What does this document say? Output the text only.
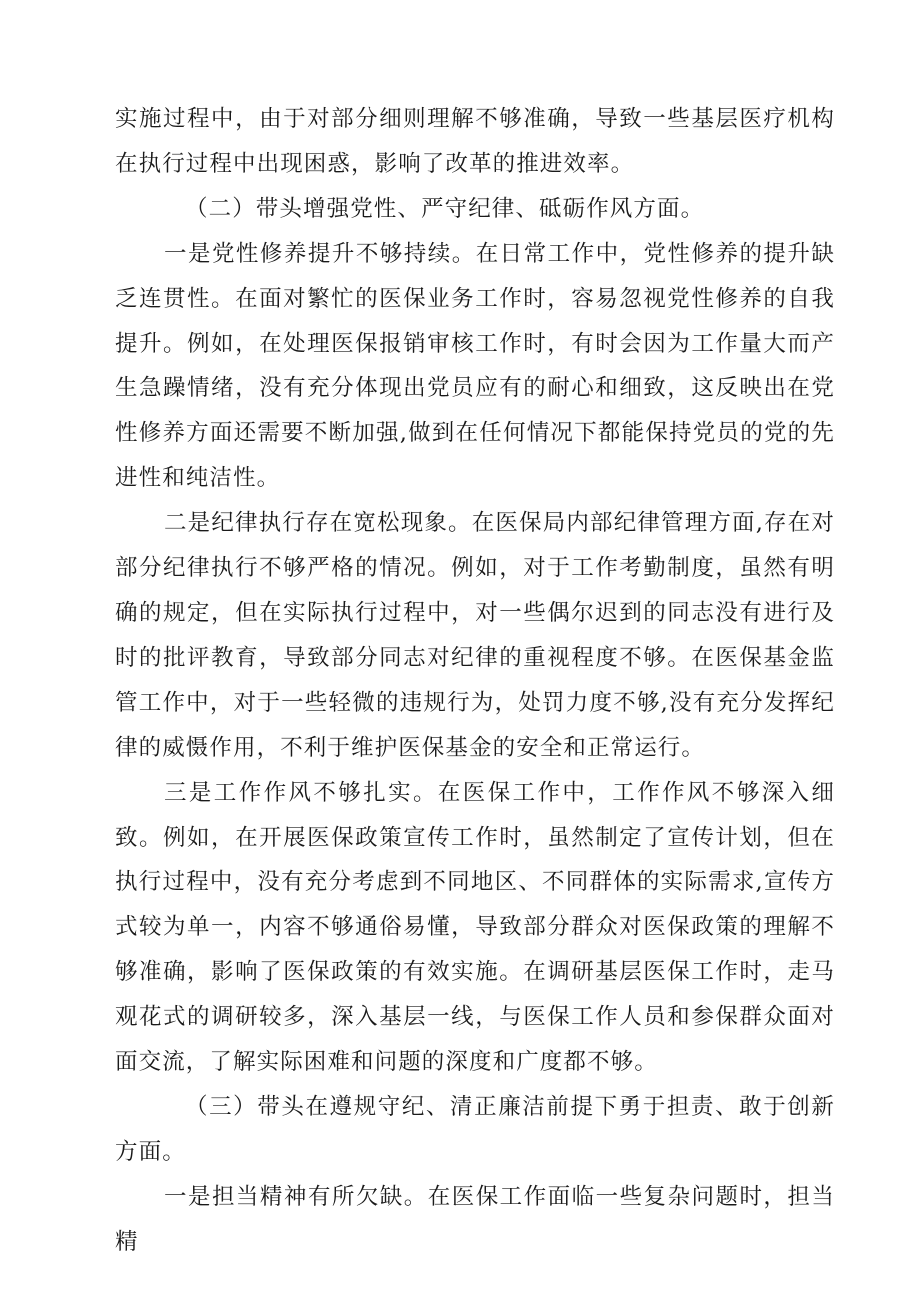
实施过程中，由于对部分细则理解不够准确，导致一些基层医疗机构在执行过程中出现困惑，影响了改革的推进效率。

（二）带头增强党性、严守纪律、砥砺作风方面。

一是党性修养提升不够持续。在日常工作中，党性修养的提升缺乏连贯性。在面对繁忙的医保业务工作时，容易忽视党性修养的自我提升。例如，在处理医保报销审核工作时，有时会因为工作量大而产生急躁情绪，没有充分体现出党员应有的耐心和细致，这反映出在党性修养方面还需要不断加强,做到在任何情况下都能保持党员的党的先进性和纯洁性。

二是纪律执行存在宽松现象。在医保局内部纪律管理方面,存在对部分纪律执行不够严格的情况。例如，对于工作考勤制度，虽然有明确的规定，但在实际执行过程中，对一些偶尔迟到的同志没有进行及时的批评教育，导致部分同志对纪律的重视程度不够。在医保基金监管工作中，对于一些轻微的违规行为，处罚力度不够,没有充分发挥纪律的威慑作用，不利于维护医保基金的安全和正常运行。

三是工作作风不够扎实。在医保工作中，工作作风不够深入细致。例如，在开展医保政策宣传工作时，虽然制定了宣传计划，但在执行过程中，没有充分考虑到不同地区、不同群体的实际需求,宣传方式较为单一，内容不够通俗易懂，导致部分群众对医保政策的理解不够准确，影响了医保政策的有效实施。在调研基层医保工作时，走马观花式的调研较多，深入基层一线，与医保工作人员和参保群众面对面交流，了解实际困难和问题的深度和广度都不够。

（三）带头在遵规守纪、清正廉洁前提下勇于担责、敢于创新方面。

一是担当精神有所欠缺。在医保工作面临一些复杂问题时，担当精
